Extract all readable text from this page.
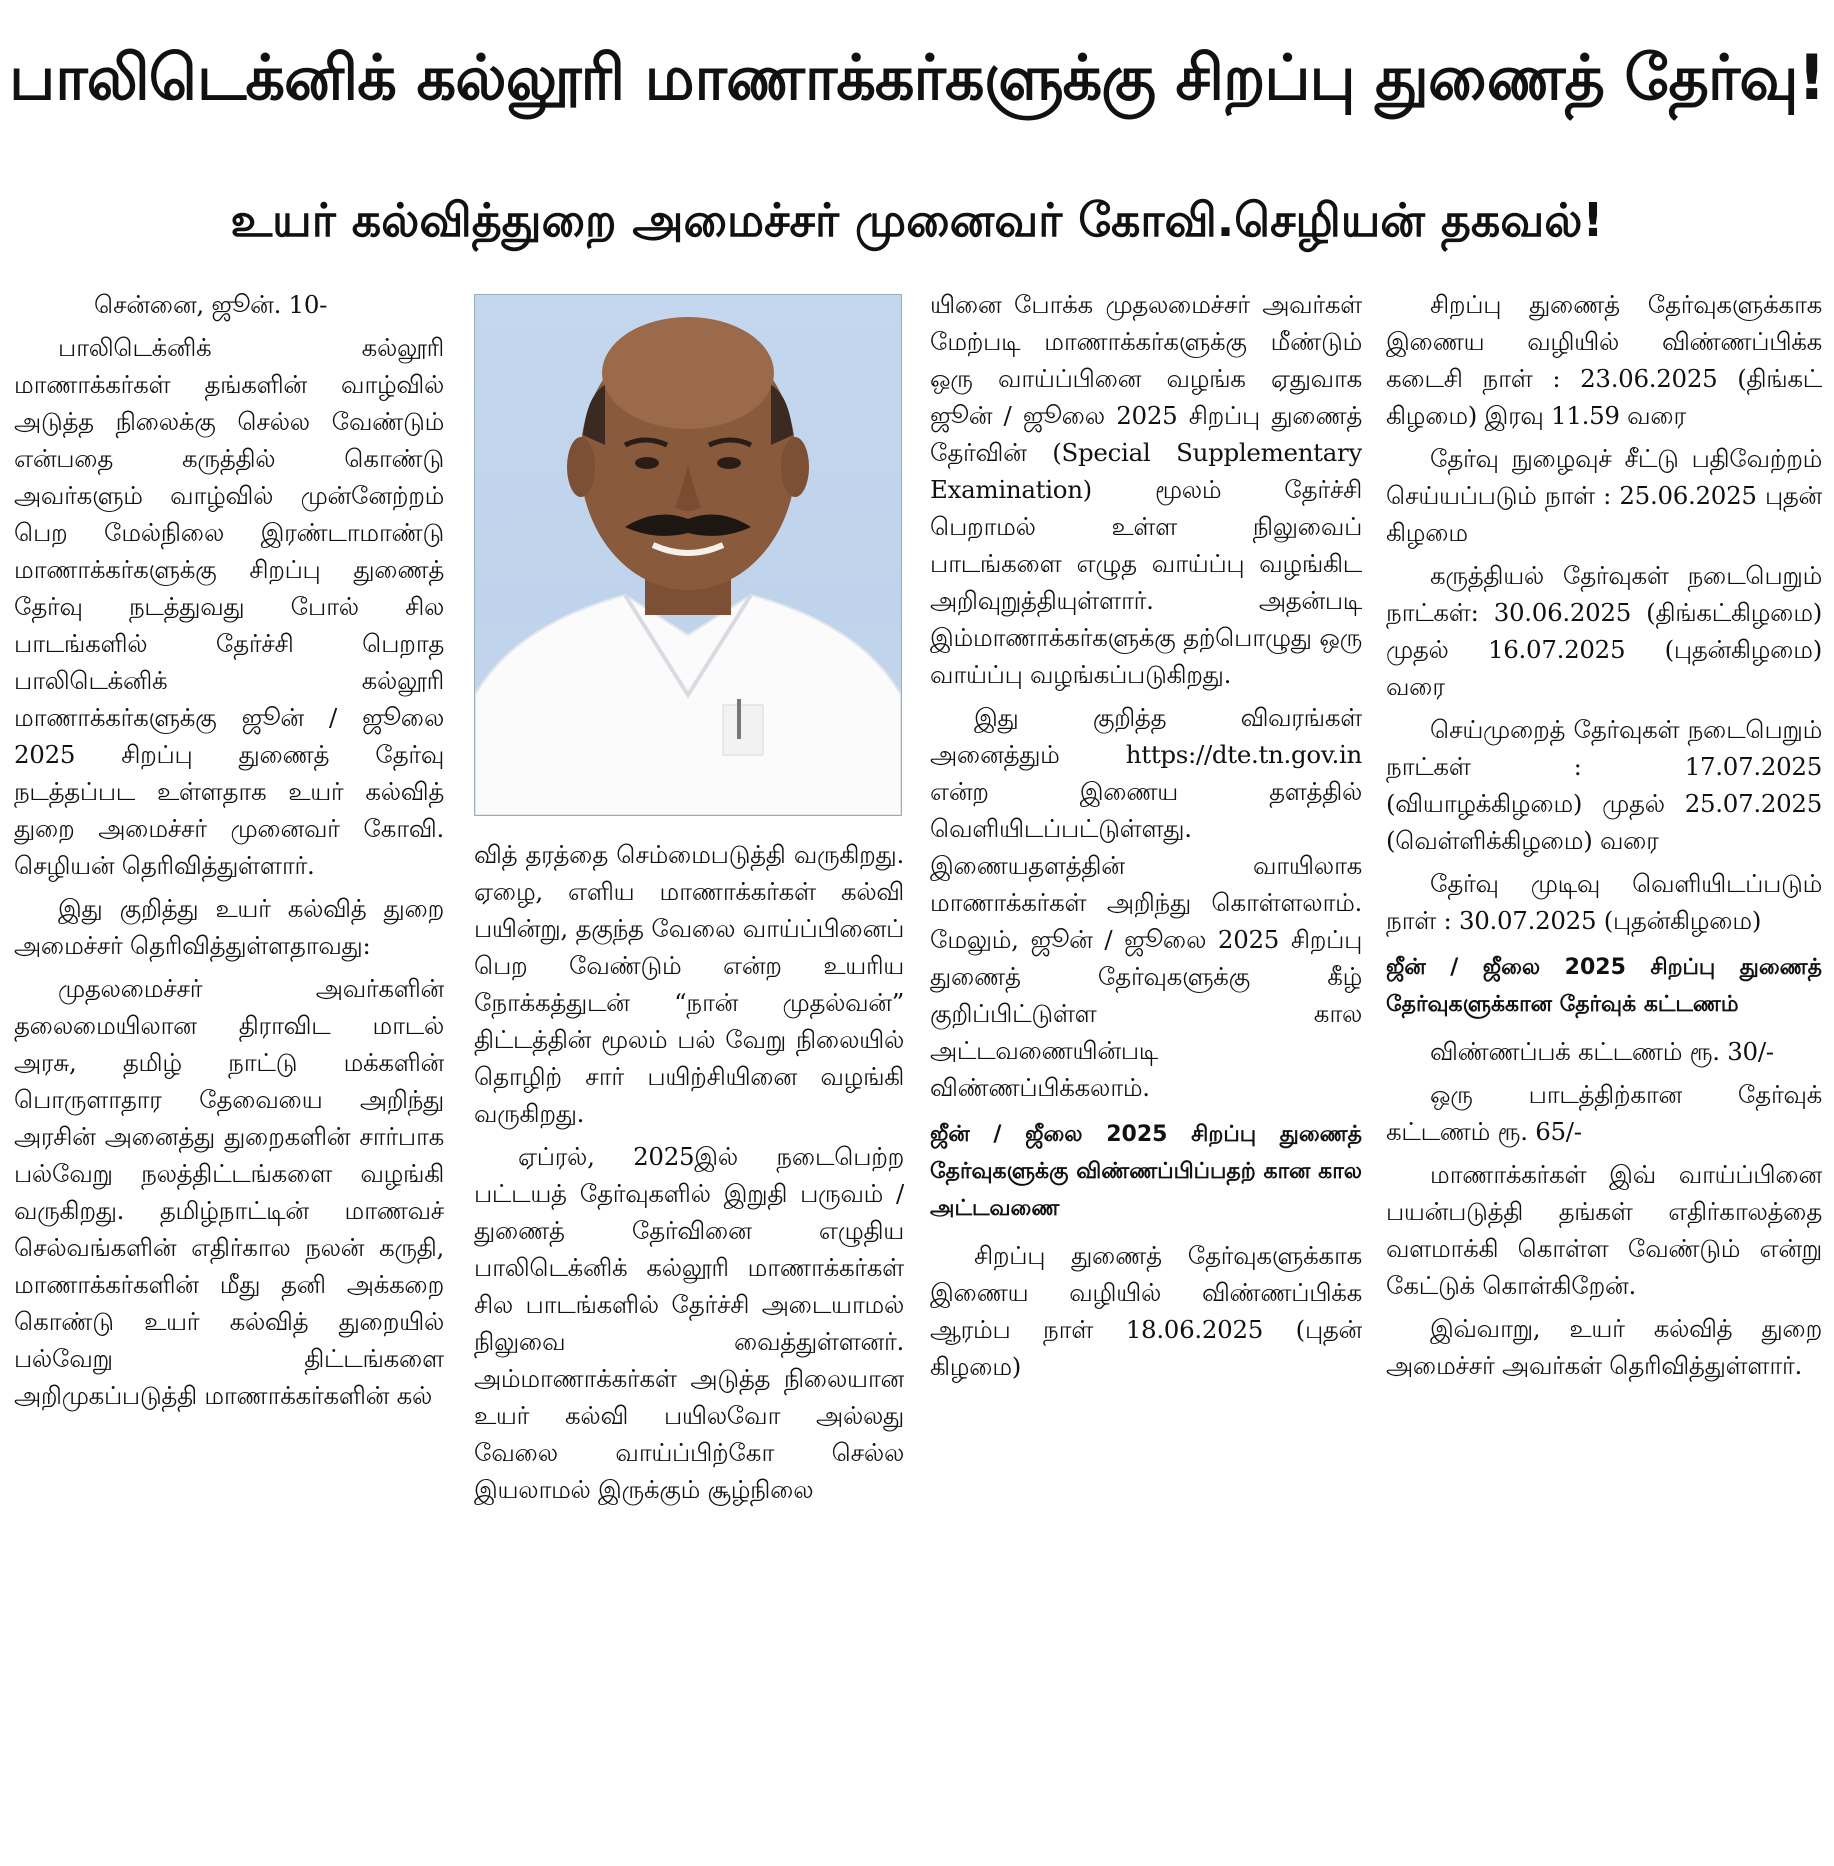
பாலிடெக்னிக் கல்லூரி மாணாக்கர்களுக்கு சிறப்பு துணைத் தேர்வு!
உயர் கல்வித்துறை அமைச்சர் முனைவர் கோவி.செழியன் தகவல்!

சென்னை, ஜூன். 10-

பாலிடெக்னிக் கல்லூரி மாணாக்கர்கள் தங்களின் வாழ்வில் அடுத்த நிலைக்கு செல்ல வேண்டும் என்பதை கருத்தில் கொண்டு அவர்களும் வாழ்வில் முன்னேற்றம் பெற மேல்நிலை இரண்டாமாண்டு மாணாக்கர்களுக்கு சிறப்பு துணைத் தேர்வு நடத்துவது போல் சில பாடங்களில் தேர்ச்சி பெறாத பாலிடெக்னிக் கல்லூரி மாணாக்கர்களுக்கு ஜூன் / ஜூலை 2025 சிறப்பு துணைத் தேர்வு நடத்தப்பட உள்ளதாக உயர் கல்வித் துறை அமைச்சர் முனைவர் கோவி. செழியன் தெரிவித்துள்ளார்.

இது குறித்து உயர் கல்வித் துறை அமைச்சர் தெரிவித்துள்ளதாவது:

முதலமைச்சர் அவர்களின் தலைமையிலான திராவிட மாடல் அரசு, தமிழ் நாட்டு மக்களின் பொருளாதார தேவையை அறிந்து அரசின் அனைத்து துறைகளின் சார்பாக பல்வேறு நலத்திட்டங்களை வழங்கி வருகிறது. தமிழ்நாட்டின் மாணவச் செல்வங்களின் எதிர்கால நலன் கருதி, மாணாக்கர்களின் மீது தனி அக்கறை கொண்டு உயர் கல்வித் துறையில் பல்வேறு திட்டங்களை அறிமுகப்படுத்தி மாணாக்கர்களின் கல்

வித் தரத்தை செம்மைபடுத்தி வருகிறது. ஏழை, எளிய மாணாக்கர்கள் கல்வி பயின்று, தகுந்த வேலை வாய்ப்பினைப் பெற வேண்டும் என்ற உயரிய நோக்கத்துடன் “நான் முதல்வன்” திட்டத்தின் மூலம் பல் வேறு நிலையில் தொழிற் சார் பயிற்சியினை வழங்கி வருகிறது.

ஏப்ரல், 2025இல் நடைபெற்ற பட்டயத் தேர்வுகளில் இறுதி பருவம் / துணைத் தேர்வினை எழுதிய பாலிடெக்னிக் கல்லூரி மாணாக்கர்கள் சில பாடங்களில் தேர்ச்சி அடையாமல் நிலுவை வைத்துள்ளனர். அம்மாணாக்கர்கள் அடுத்த நிலையான உயர் கல்வி பயிலவோ அல்லது வேலை வாய்ப்பிற்கோ செல்ல இயலாமல் இருக்கும் சூழ்நிலை

யினை போக்க முதலமைச்சர் அவர்கள் மேற்படி மாணாக்கர்களுக்கு மீண்டும் ஒரு வாய்ப்பினை வழங்க ஏதுவாக ஜூன் / ஜூலை 2025 சிறப்பு துணைத் தேர்வின் (Special Supplementary Examination) மூலம் தேர்ச்சி பெறாமல் உள்ள நிலுவைப் பாடங்களை எழுத வாய்ப்பு வழங்கிட அறிவுறுத்தியுள்ளார். அதன்படி இம்மாணாக்கர்களுக்கு தற்பொழுது ஒரு வாய்ப்பு வழங்கப்படுகிறது.

இது குறித்த விவரங்கள் அனைத்தும் https://dte.tn.gov.in என்ற இணைய தளத்தில் வெளியிடப்பட்டுள்ளது. இணையதளத்தின் வாயிலாக மாணாக்கர்கள் அறிந்து கொள்ளலாம். மேலும், ஜூன் / ஜூலை 2025 சிறப்பு துணைத் தேர்வுகளுக்கு கீழ் குறிப்பிட்டுள்ள கால அட்டவணையின்படி விண்ணப்பிக்கலாம்.

ஜீன் / ஜீலை 2025 சிறப்பு துணைத் தேர்வுகளுக்கு விண்ணப்பிப்பதற் கான கால அட்டவணை

சிறப்பு துணைத் தேர்வுகளுக்காக இணைய வழியில் விண்ணப்பிக்க ஆரம்ப நாள் 18.06.2025 (புதன் கிழமை)

சிறப்பு துணைத் தேர்வுகளுக்காக இணைய வழியில் விண்ணப்பிக்க கடைசி நாள் : 23.06.2025 (திங்கட் கிழமை) இரவு 11.59 வரை

தேர்வு நுழைவுச் சீட்டு பதிவேற்றம் செய்யப்படும் நாள் : 25.06.2025 புதன் கிழமை

கருத்தியல் தேர்வுகள் நடைபெறும் நாட்கள்: 30.06.2025 (திங்கட்கிழமை) முதல் 16.07.2025 (புதன்கிழமை) வரை

செய்முறைத் தேர்வுகள் நடைபெறும் நாட்கள் : 17.07.2025 (வியாழக்கிழமை) முதல் 25.07.2025 (வெள்ளிக்கிழமை) வரை

தேர்வு முடிவு வெளியிடப்படும் நாள் : 30.07.2025 (புதன்கிழமை)

ஜீன் / ஜீலை 2025 சிறப்பு துணைத் தேர்வுகளுக்கான தேர்வுக் கட்டணம்

விண்ணப்பக் கட்டணம் ரூ. 30/-

ஒரு பாடத்திற்கான தேர்வுக் கட்டணம் ரூ. 65/-

மாணாக்கர்கள் இவ் வாய்ப்பினை பயன்படுத்தி தங்கள் எதிர்காலத்தை வளமாக்கி கொள்ள வேண்டும் என்று கேட்டுக் கொள்கிறேன்.

இவ்வாறு, உயர் கல்வித் துறை அமைச்சர் அவர்கள் தெரிவித்துள்ளார்.
